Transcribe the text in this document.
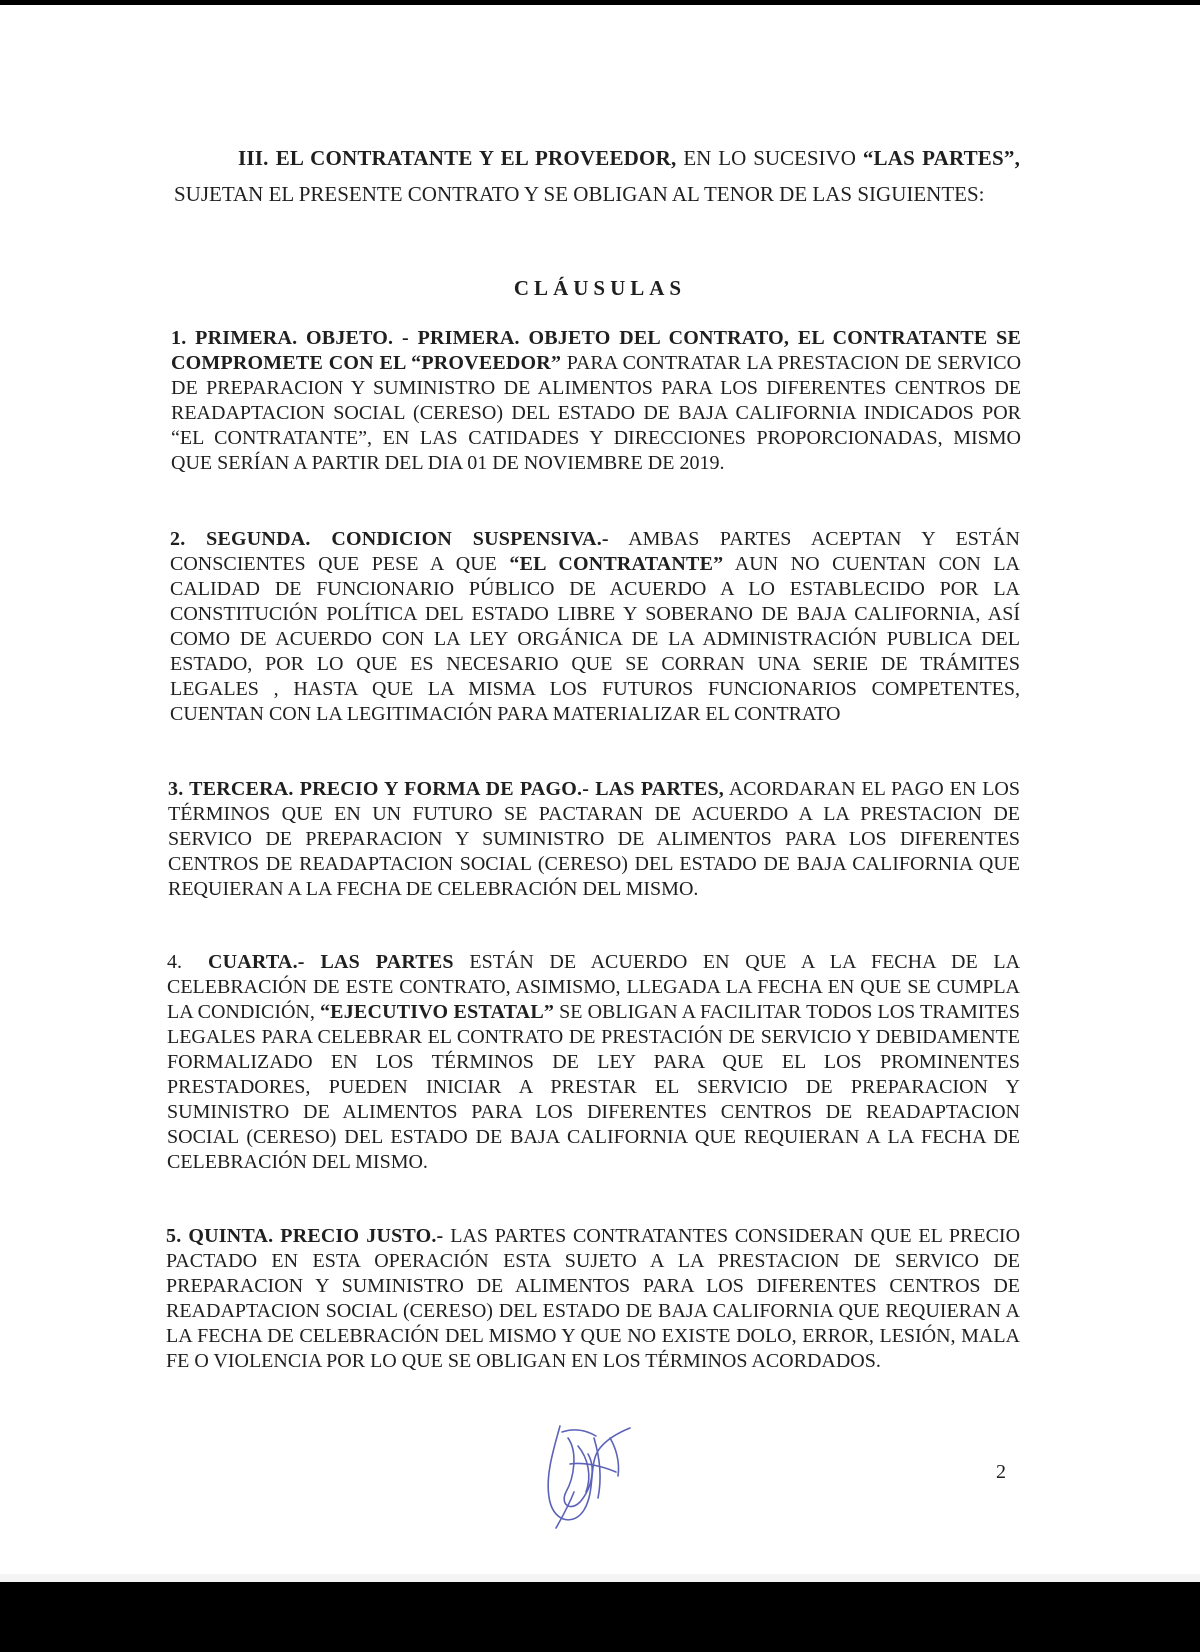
III. EL CONTRATANTE Y EL PROVEEDOR, EN LO SUCESIVO “LAS PARTES”, SUJETAN EL PRESENTE CONTRATO Y SE OBLIGAN AL TENOR DE LAS SIGUIENTES:
CLÁUSULAS
1. PRIMERA. OBJETO. - PRIMERA. OBJETO DEL CONTRATO, EL CONTRATANTE SE COMPROMETE CON EL “PROVEEDOR” PARA CONTRATAR LA PRESTACION DE SERVICO DE PREPARACION Y SUMINISTRO DE ALIMENTOS PARA LOS DIFERENTES CENTROS DE READAPTACION SOCIAL (CERESO) DEL ESTADO DE BAJA CALIFORNIA INDICADOS POR “EL CONTRATANTE”, EN LAS CATIDADES Y DIRECCIONES PROPORCIONADAS, MISMO QUE SERÍAN A PARTIR DEL DIA 01 DE NOVIEMBRE DE 2019.
2. SEGUNDA. CONDICION SUSPENSIVA.- AMBAS PARTES ACEPTAN Y ESTÁN CONSCIENTES QUE PESE A QUE “EL CONTRATANTE” AUN NO CUENTAN CON LA CALIDAD DE FUNCIONARIO PÚBLICO DE ACUERDO A LO ESTABLECIDO POR LA CONSTITUCIÓN POLÍTICA DEL ESTADO LIBRE Y SOBERANO DE BAJA CALIFORNIA, ASÍ COMO DE ACUERDO CON LA LEY ORGÁNICA DE LA ADMINISTRACIÓN PUBLICA DEL ESTADO, POR LO QUE ES NECESARIO QUE SE CORRAN UNA SERIE DE TRÁMITES LEGALES , HASTA QUE LA MISMA LOS FUTUROS FUNCIONARIOS COMPETENTES, CUENTAN CON LA LEGITIMACIÓN PARA MATERIALIZAR EL CONTRATO
3. TERCERA. PRECIO Y FORMA DE PAGO.- LAS PARTES, ACORDARAN EL PAGO EN LOS TÉRMINOS QUE EN UN FUTURO SE PACTARAN DE ACUERDO A LA PRESTACION DE SERVICO DE PREPARACION Y SUMINISTRO DE ALIMENTOS PARA LOS DIFERENTES CENTROS DE READAPTACION SOCIAL (CERESO) DEL ESTADO DE BAJA CALIFORNIA QUE REQUIERAN A LA FECHA DE CELEBRACIÓN DEL MISMO.
4. CUARTA.- LAS PARTES ESTÁN DE ACUERDO EN QUE A LA FECHA DE LA CELEBRACIÓN DE ESTE CONTRATO, ASIMISMO, LLEGADA LA FECHA EN QUE SE CUMPLA LA CONDICIÓN, “EJECUTIVO ESTATAL” SE OBLIGAN A FACILITAR TODOS LOS TRAMITES LEGALES PARA CELEBRAR EL CONTRATO DE PRESTACIÓN DE SERVICIO Y DEBIDAMENTE FORMALIZADO EN LOS TÉRMINOS DE LEY PARA QUE EL LOS PROMINENTES PRESTADORES, PUEDEN INICIAR A PRESTAR EL SERVICIO DE PREPARACION Y SUMINISTRO DE ALIMENTOS PARA LOS DIFERENTES CENTROS DE READAPTACION SOCIAL (CERESO) DEL ESTADO DE BAJA CALIFORNIA QUE REQUIERAN A LA FECHA DE CELEBRACIÓN DEL MISMO.
5. QUINTA. PRECIO JUSTO.- LAS PARTES CONTRATANTES CONSIDERAN QUE EL PRECIO PACTADO EN ESTA OPERACIÓN ESTA SUJETO A LA PRESTACION DE SERVICO DE PREPARACION Y SUMINISTRO DE ALIMENTOS PARA LOS DIFERENTES CENTROS DE READAPTACION SOCIAL (CERESO) DEL ESTADO DE BAJA CALIFORNIA QUE REQUIERAN A LA FECHA DE CELEBRACIÓN DEL MISMO Y QUE NO EXISTE DOLO, ERROR, LESIÓN, MALA FE O VIOLENCIA POR LO QUE SE OBLIGAN EN LOS TÉRMINOS ACORDADOS.
2
